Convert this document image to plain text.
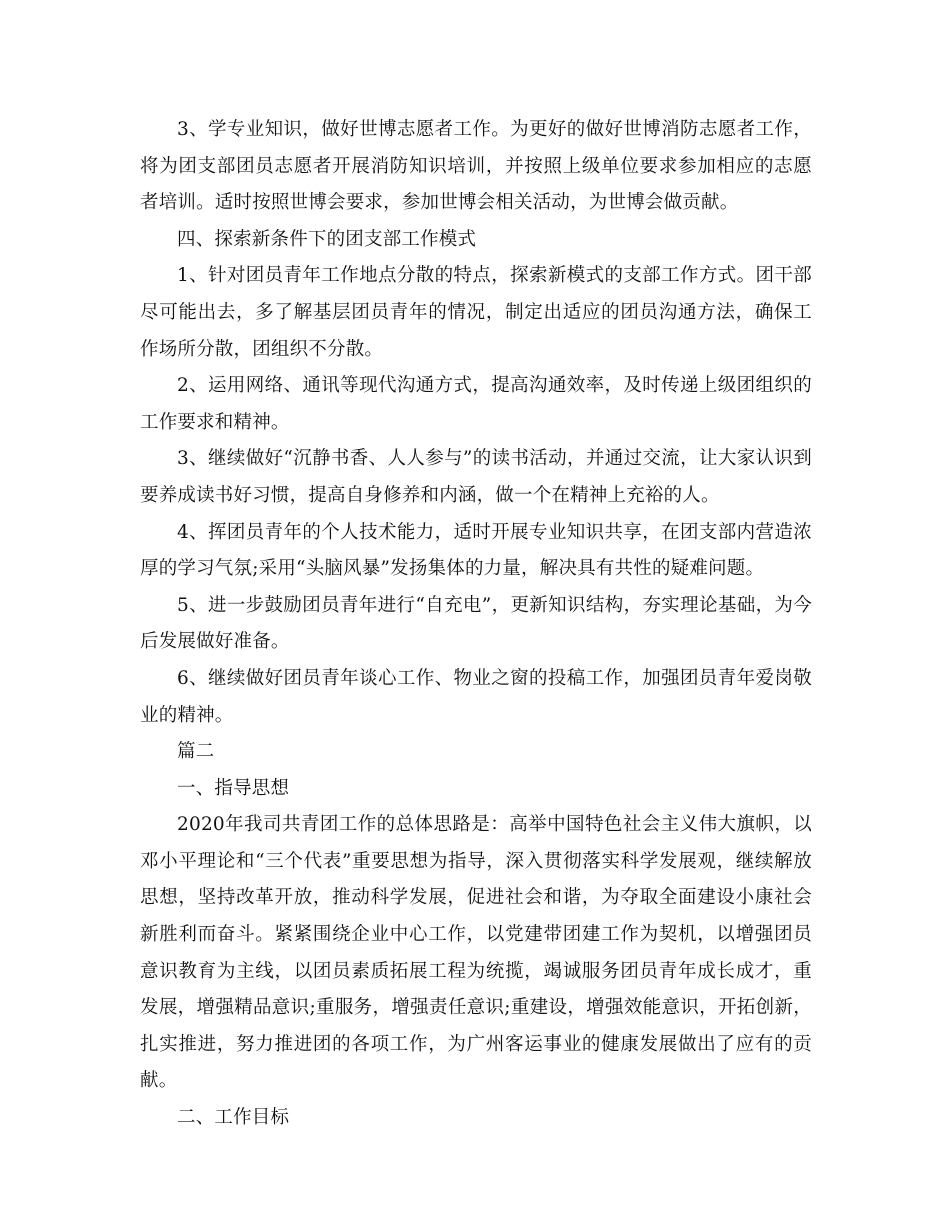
3、学专业知识，做好世博志愿者工作。为更好的做好世博消防志愿者工作，将为团支部团员志愿者开展消防知识培训，并按照上级单位要求参加相应的志愿者培训。适时按照世博会要求，参加世博会相关活动，为世博会做贡献。

四、探索新条件下的团支部工作模式

1、针对团员青年工作地点分散的特点，探索新模式的支部工作方式。团干部尽可能出去，多了解基层团员青年的情况，制定出适应的团员沟通方法，确保工作场所分散，团组织不分散。

2、运用网络、通讯等现代沟通方式，提高沟通效率，及时传递上级团组织的工作要求和精神。

3、继续做好“沉静书香、人人参与”的读书活动，并通过交流，让大家认识到要养成读书好习惯，提高自身修养和内涵，做一个在精神上充裕的人。

4、挥团员青年的个人技术能力，适时开展专业知识共享，在团支部内营造浓厚的学习气氛;采用“头脑风暴”发扬集体的力量，解决具有共性的疑难问题。

5、进一步鼓励团员青年进行“自充电”，更新知识结构，夯实理论基础，为今后发展做好准备。

6、继续做好团员青年谈心工作、物业之窗的投稿工作，加强团员青年爱岗敬业的精神。

篇二

一、指导思想

2020年我司共青团工作的总体思路是：高举中国特色社会主义伟大旗帜，以邓小平理论和“三个代表”重要思想为指导，深入贯彻落实科学发展观，继续解放思想，坚持改革开放，推动科学发展，促进社会和谐，为夺取全面建设小康社会新胜利而奋斗。紧紧围绕企业中心工作，以党建带团建工作为契机，以增强团员意识教育为主线，以团员素质拓展工程为统揽，竭诚服务团员青年成长成才，重发展，增强精品意识;重服务，增强责任意识;重建设，增强效能意识，开拓创新，扎实推进，努力推进团的各项工作，为广州客运事业的健康发展做出了应有的贡献。

二、工作目标
